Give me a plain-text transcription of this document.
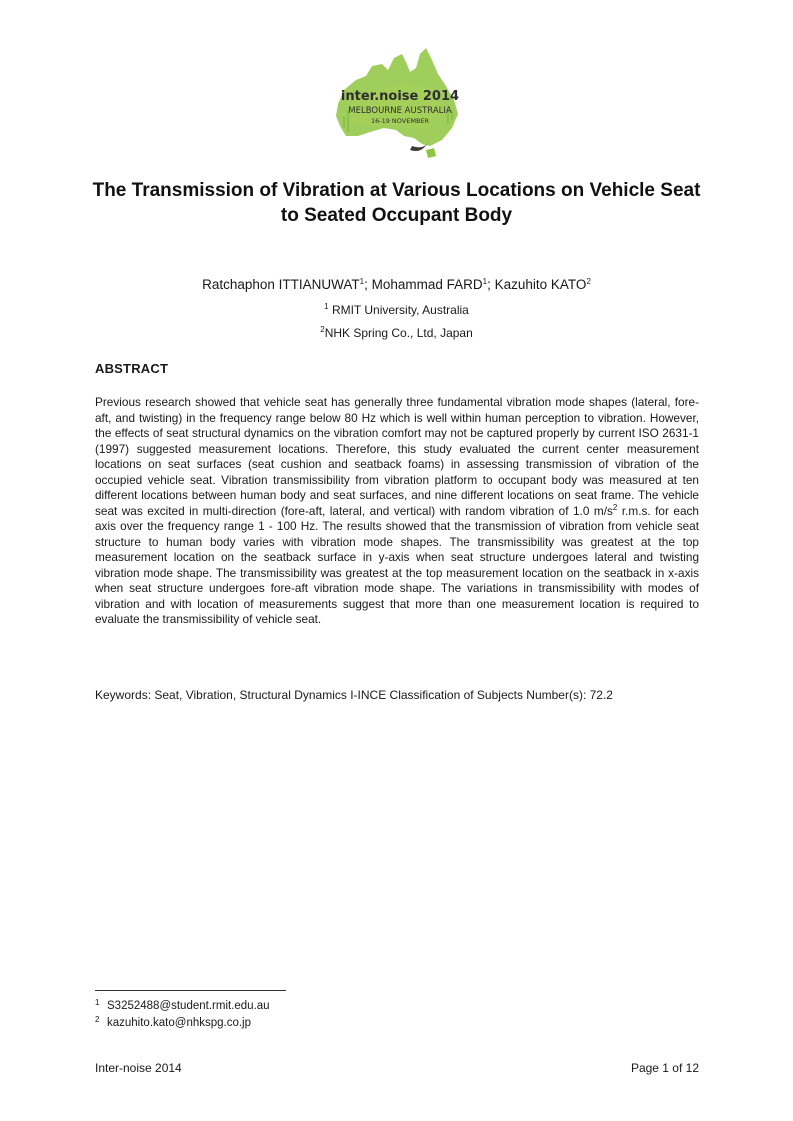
inter.noise 2014
MELBOURNE AUSTRALIA
16-19 NOVEMBER
The Transmission of Vibration at Various Locations on Vehicle Seat
to Seated Occupant Body
Ratchaphon ITTIANUWAT$^1$; Mohammad FARD$^1$; Kazuhito KATO$^2$
$^1$ RMIT University, Australia
$^2$NHK Spring Co., Ltd, Japan
ABSTRACT

Previous research showed that vehicle seat has generally three fundamental vibration mode shapes (lateral, fore-aft, and twisting) in the frequency range below 80 Hz which is well within human perception to vibration. However, the effects of seat structural dynamics on the vibration comfort may not be captured properly by current ISO 2631-1 (1997) suggested measurement locations. Therefore, this study evaluated the current center measurement locations on seat surfaces (seat cushion and seatback foams) in assessing transmission of vibration of the occupied vehicle seat. Vibration transmissibility from vibration platform to occupant body was measured at ten different locations between human body and seat surfaces, and nine different locations on seat frame. The vehicle seat was excited in multi-direction (fore-aft, lateral, and vertical) with random vibration of 1.0 $m/s^2$ r.m.s. for each axis over the frequency range 1 - 100 Hz. The results showed that the transmission of vibration from vehicle seat structure to human body varies with vibration mode shapes. The transmissibility was greatest at the top measurement location on the seatback surface in y-axis when seat structure undergoes lateral and twisting vibration mode shape. The transmissibility was greatest at the top measurement location on the seatback in x-axis when seat structure undergoes fore-aft vibration mode shape. The variations in transmissibility with modes of vibration and with location of measurements suggest that more than one measurement location is required to evaluate the transmissibility of vehicle seat.

Keywords: Seat, Vibration, Structural Dynamics I-INCE Classification of Subjects Number(s): 72.2
1 S3252488@student.rmit.edu.au
2 kazuhito.kato@nhkspg.co.jp
Inter-noise 2014	Page 1 of 12
